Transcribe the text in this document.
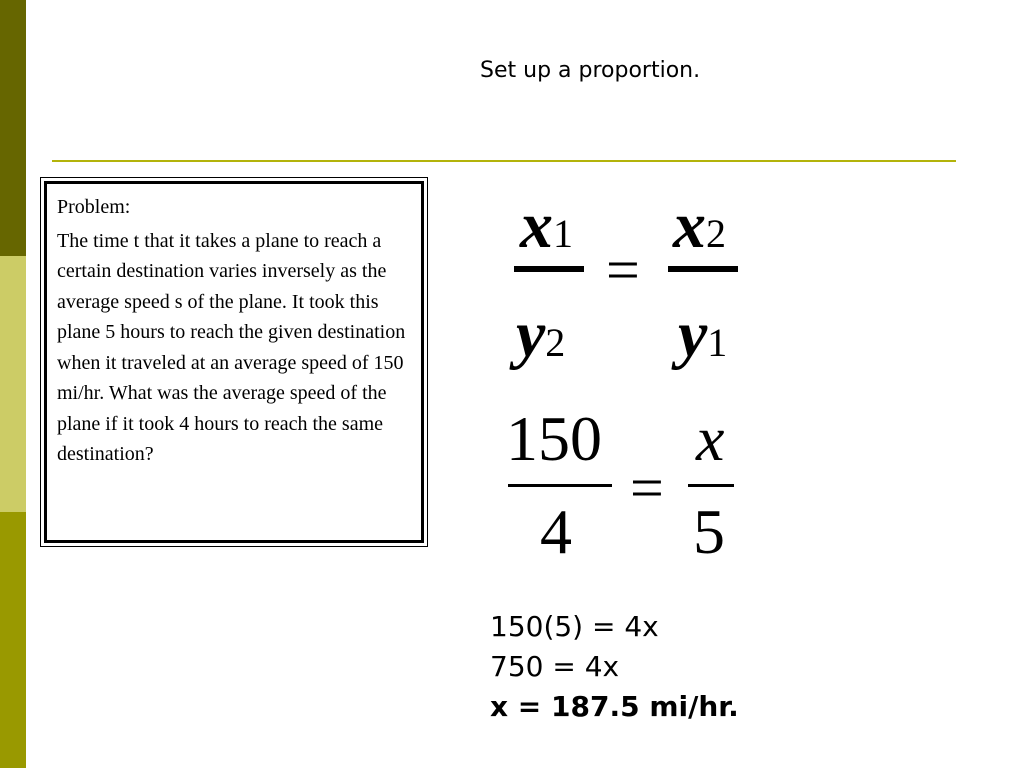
Set up a proportion.

Problem:

The time t that it takes a plane to reach a certain destination varies inversely as the average speed s of the plane. It took this plane 5 hours to reach the given destination when it traveled at an average speed of 150 mi/hr. What was the average speed of the plane if it took 4 hours to reach the same destination?

x1
y2
=
x2
y1
150
4
=
x
5
150(5) = 4x
750 = 4x
x = 187.5 mi/hr.
